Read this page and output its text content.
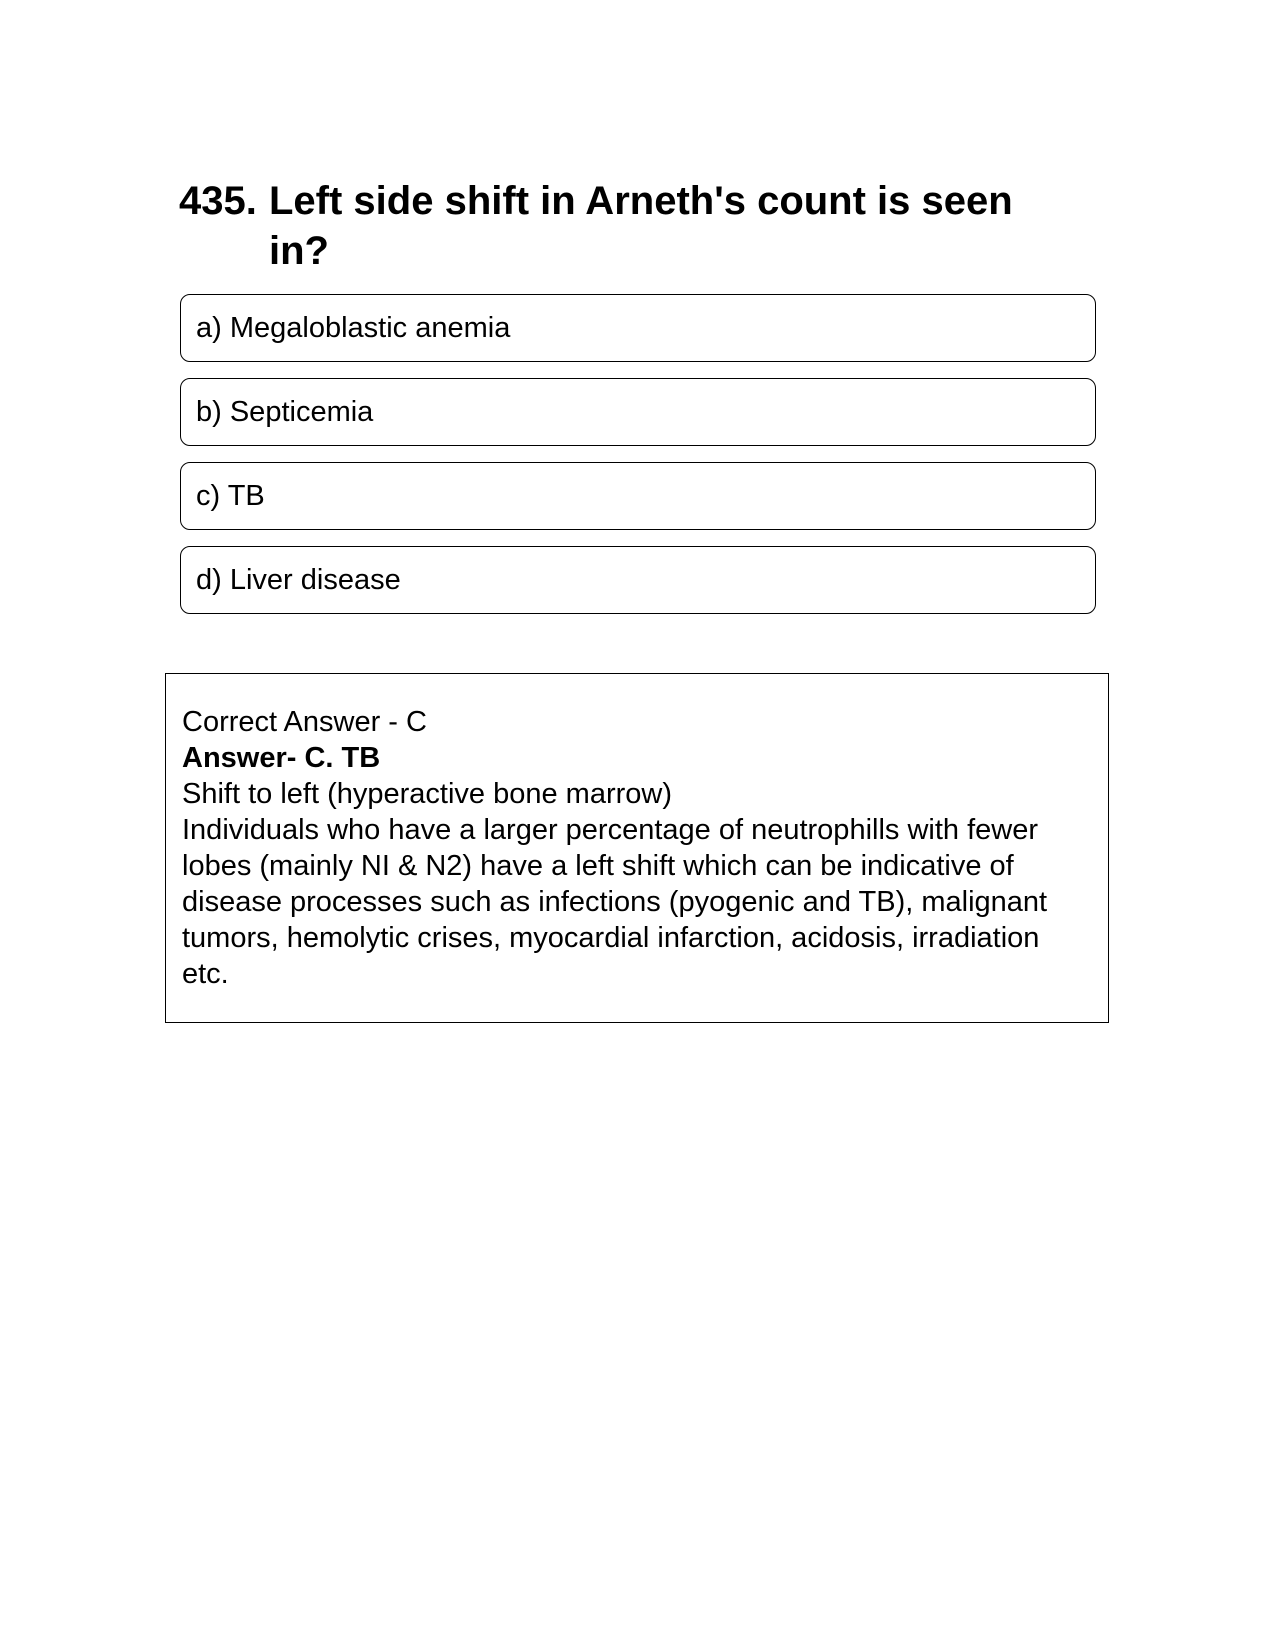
435. Left side shift in Arneth's count is seen in?
a) Megaloblastic anemia
b) Septicemia
c) TB
d) Liver disease
Correct Answer - C
Answer- C. TB
Shift to left (hyperactive bone marrow)
Individuals who have a larger percentage of neutrophills with fewer lobes (mainly NI & N2) have a left shift which can be indicative of disease processes such as infections (pyogenic and TB), malignant tumors, hemolytic crises, myocardial infarction, acidosis, irradiation etc.
